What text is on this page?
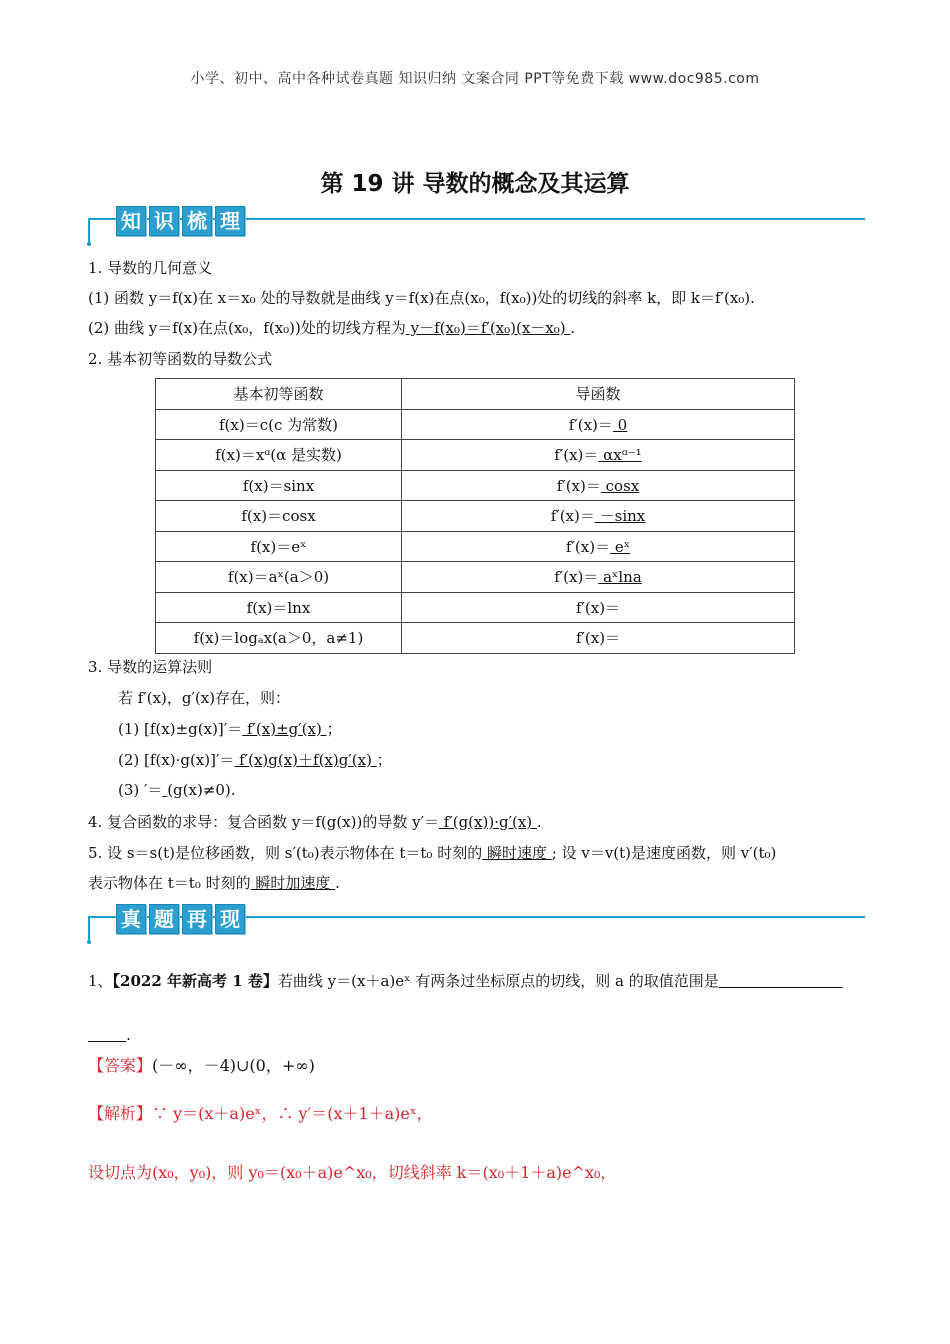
小学、初中、高中各种试卷真题 知识归纳 文案合同 PPT等免费下载 www.doc985.com
第 19 讲 导数的概念及其运算
知 识 梳 理
1. 导数的几何意义
(1) 函数 y＝f(x)在 x＝x₀ 处的导数就是曲线 y＝f(x)在点(x₀，f(x₀))处的切线的斜率 k，即 k＝f′(x₀).
(2) 曲线 y＝f(x)在点(x₀，f(x₀))处的切线方程为 y－f(x₀)＝f′(x₀)(x－x₀) .
2. 基本初等函数的导数公式
基本初等函数	导函数
f(x)＝c(c 为常数)	f′(x)＝ 0
f(x)＝xᵅ(α 是实数)	f′(x)＝ αxᵅ⁻¹
f(x)＝sinx	f′(x)＝ cosx
f(x)＝cosx	f′(x)＝ －sinx
f(x)＝eˣ	f′(x)＝ eˣ
f(x)＝aˣ(a＞0)	f′(x)＝ aˣlna
f(x)＝lnx	f′(x)＝
f(x)＝logₐx(a＞0，a≠1)	f′(x)＝
3. 导数的运算法则
若 f′(x)，g′(x)存在，则：
(1) [f(x)±g(x)]′＝ f′(x)±g′(x) ；
(2) [f(x)·g(x)]′＝ f′(x)g(x)＋f(x)g′(x) ；
(3) ′＝ (g(x)≠0).
4. 复合函数的求导：复合函数 y＝f(g(x))的导数 y′＝ f′(g(x))·g′(x) .
5. 设 s＝s(t)是位移函数，则 s′(t₀)表示物体在 t＝t₀ 时刻的 瞬时速度 ; 设 v＝v(t)是速度函数，则 v′(t₀)
表示物体在 t＝t₀ 时刻的 瞬时加速度 .
真 题 再 现
1、【2022 年新高考 1 卷】若曲线 y＝(x＋a)eˣ 有两条过坐标原点的切线，则 a 的取值范围是
.
【答案】(－∞，－4)∪(0，+∞)
【解析】∵ y＝(x＋a)eˣ，∴ y′＝(x＋1＋a)eˣ，
设切点为(x₀，y₀)，则 y₀＝(x₀＋a)e^x₀，切线斜率 k＝(x₀＋1＋a)e^x₀，
